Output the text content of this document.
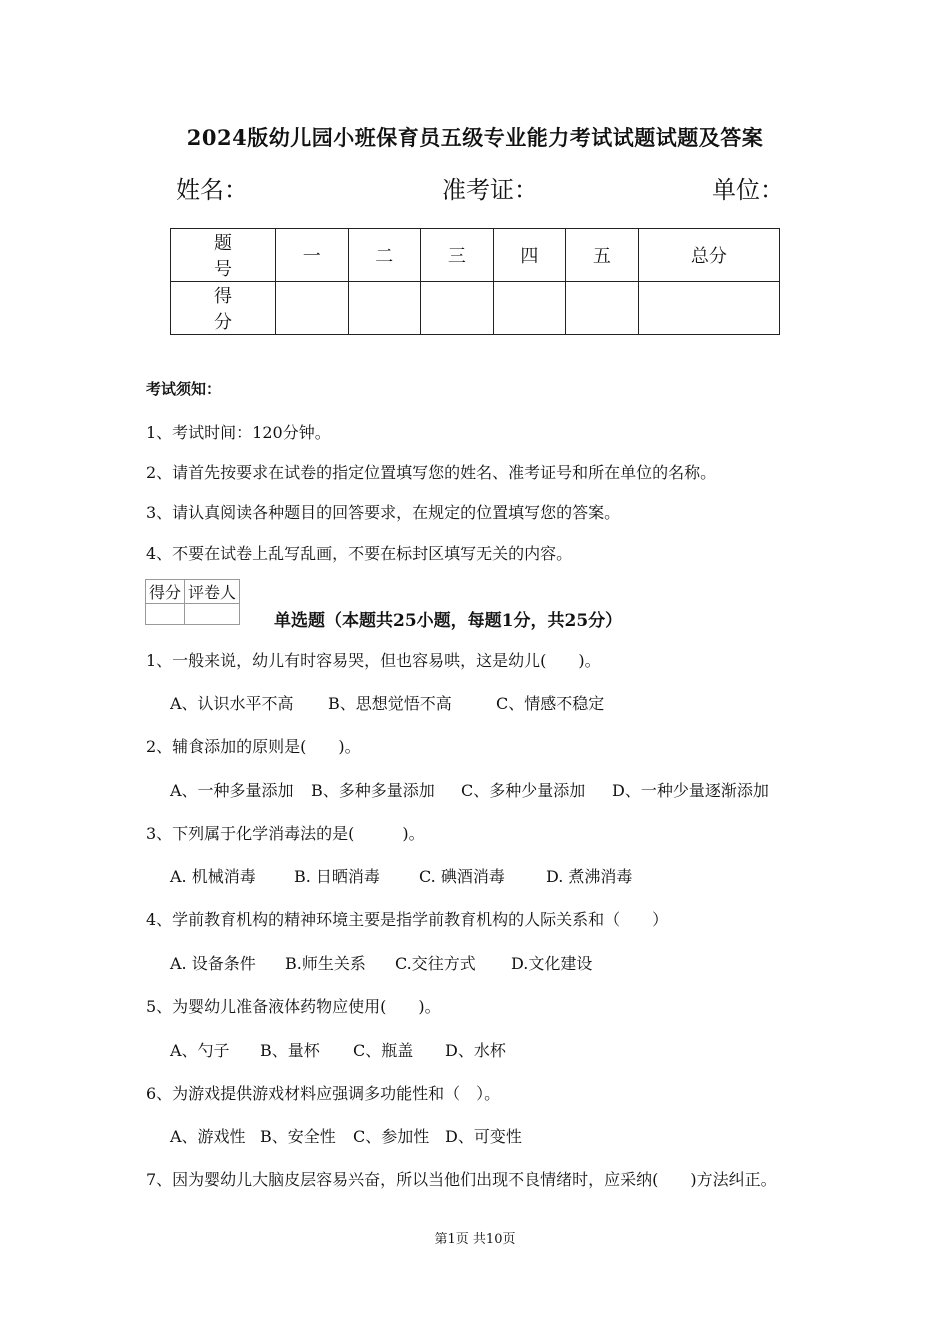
2024版幼儿园小班保育员五级专业能力考试试题试题及答案
姓名：	准考证：	单位：
题　号	一	二	三	四	五	总分
得　分						
考试须知：
1、考试时间：120分钟。
2、请首先按要求在试卷的指定位置填写您的姓名、准考证号和所在单位的名称。
3、请认真阅读各种题目的回答要求，在规定的位置填写您的答案。
4、不要在试卷上乱写乱画，不要在标封区填写无关的内容。
得分	评卷人

单选题（本题共25小题，每题1分，共25分）
1、一般来说，幼儿有时容易哭，但也容易哄，这是幼儿(　　)。
A、认识水平不高 B、思想觉悟不高	C、情感不稳定
2、辅食添加的原则是(　　)。
A、一种多量添加 B、多种多量添加 C、多种少量添加 D、一种少量逐渐添加
3、下列属于化学消毒法的是(　　　)。
A. 机械消毒 B. 日晒消毒 C. 碘酒消毒	D. 煮沸消毒
4、学前教育机构的精神环境主要是指学前教育机构的人际关系和（　　）
A. 设备条件 B.师生关系 C.交往方式 D.文化建设
5、为婴幼儿准备液体药物应使用(　　)。
A、勺子 B、量杯 C、瓶盖 D、水杯
6、为游戏提供游戏材料应强调多功能性和（　）。
A、游戏性 B、安全性 C、参加性 D、可变性
7、因为婴幼儿大脑皮层容易兴奋，所以当他们出现不良情绪时，应采纳(　　)方法纠正。
第1页 共10页
